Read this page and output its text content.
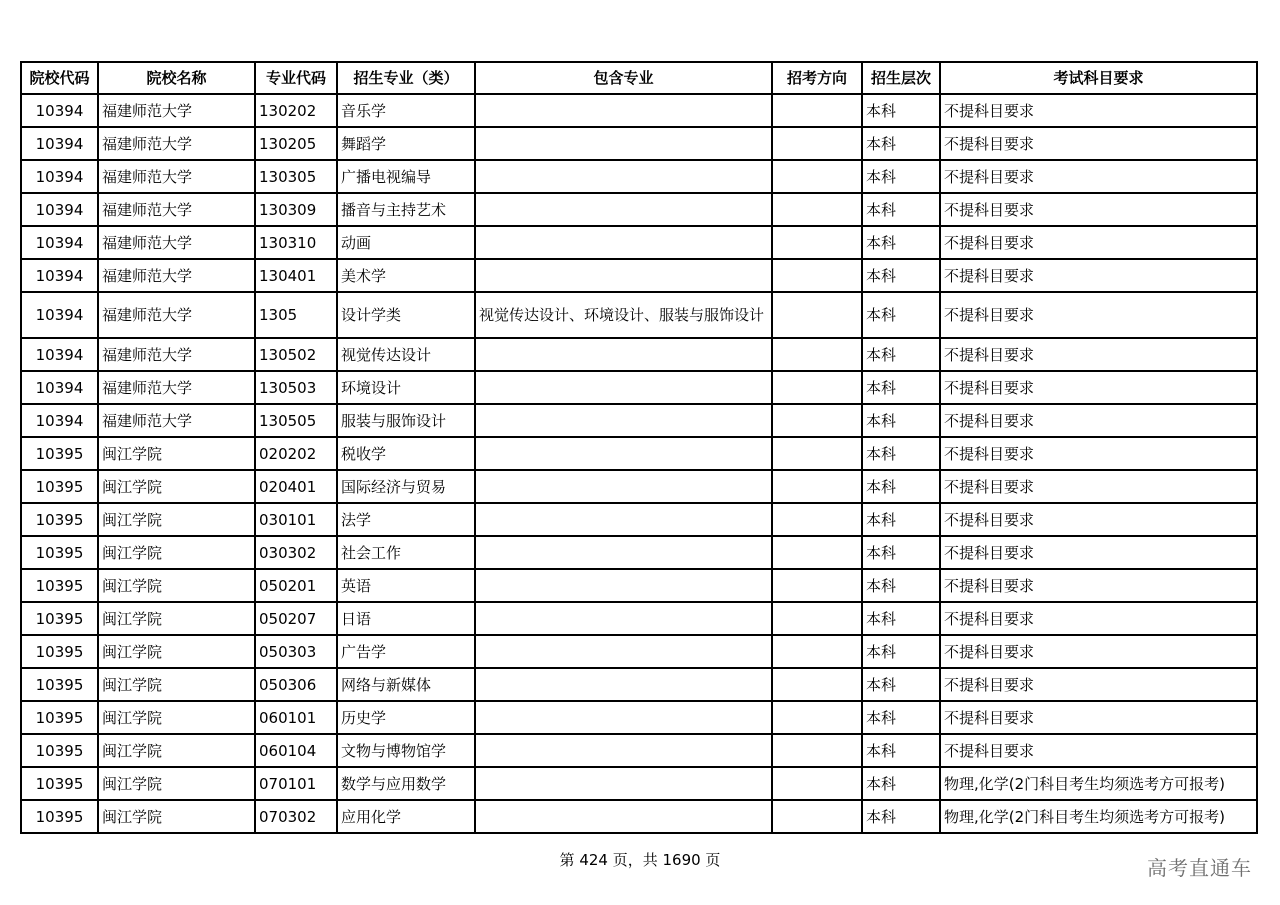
院校代码	院校名称	专业代码	招生专业（类）	包含专业	招考方向	招生层次	考试科目要求
10394	福建师范大学	130202	音乐学			本科	不提科目要求
10394	福建师范大学	130205	舞蹈学			本科	不提科目要求
10394	福建师范大学	130305	广播电视编导			本科	不提科目要求
10394	福建师范大学	130309	播音与主持艺术			本科	不提科目要求
10394	福建师范大学	130310	动画			本科	不提科目要求
10394	福建师范大学	130401	美术学			本科	不提科目要求
10394	福建师范大学	1305	设计学类	视觉传达设计、环境设计、服装与服饰设计		本科	不提科目要求
10394	福建师范大学	130502	视觉传达设计			本科	不提科目要求
10394	福建师范大学	130503	环境设计			本科	不提科目要求
10394	福建师范大学	130505	服装与服饰设计			本科	不提科目要求
10395	闽江学院	020202	税收学			本科	不提科目要求
10395	闽江学院	020401	国际经济与贸易			本科	不提科目要求
10395	闽江学院	030101	法学			本科	不提科目要求
10395	闽江学院	030302	社会工作			本科	不提科目要求
10395	闽江学院	050201	英语			本科	不提科目要求
10395	闽江学院	050207	日语			本科	不提科目要求
10395	闽江学院	050303	广告学			本科	不提科目要求
10395	闽江学院	050306	网络与新媒体			本科	不提科目要求
10395	闽江学院	060101	历史学			本科	不提科目要求
10395	闽江学院	060104	文物与博物馆学			本科	不提科目要求
10395	闽江学院	070101	数学与应用数学			本科	物理,化学(2门科目考生均须选考方可报考)
10395	闽江学院	070302	应用化学			本科	物理,化学(2门科目考生均须选考方可报考)
第 424 页，共 1690 页	高考直通车
